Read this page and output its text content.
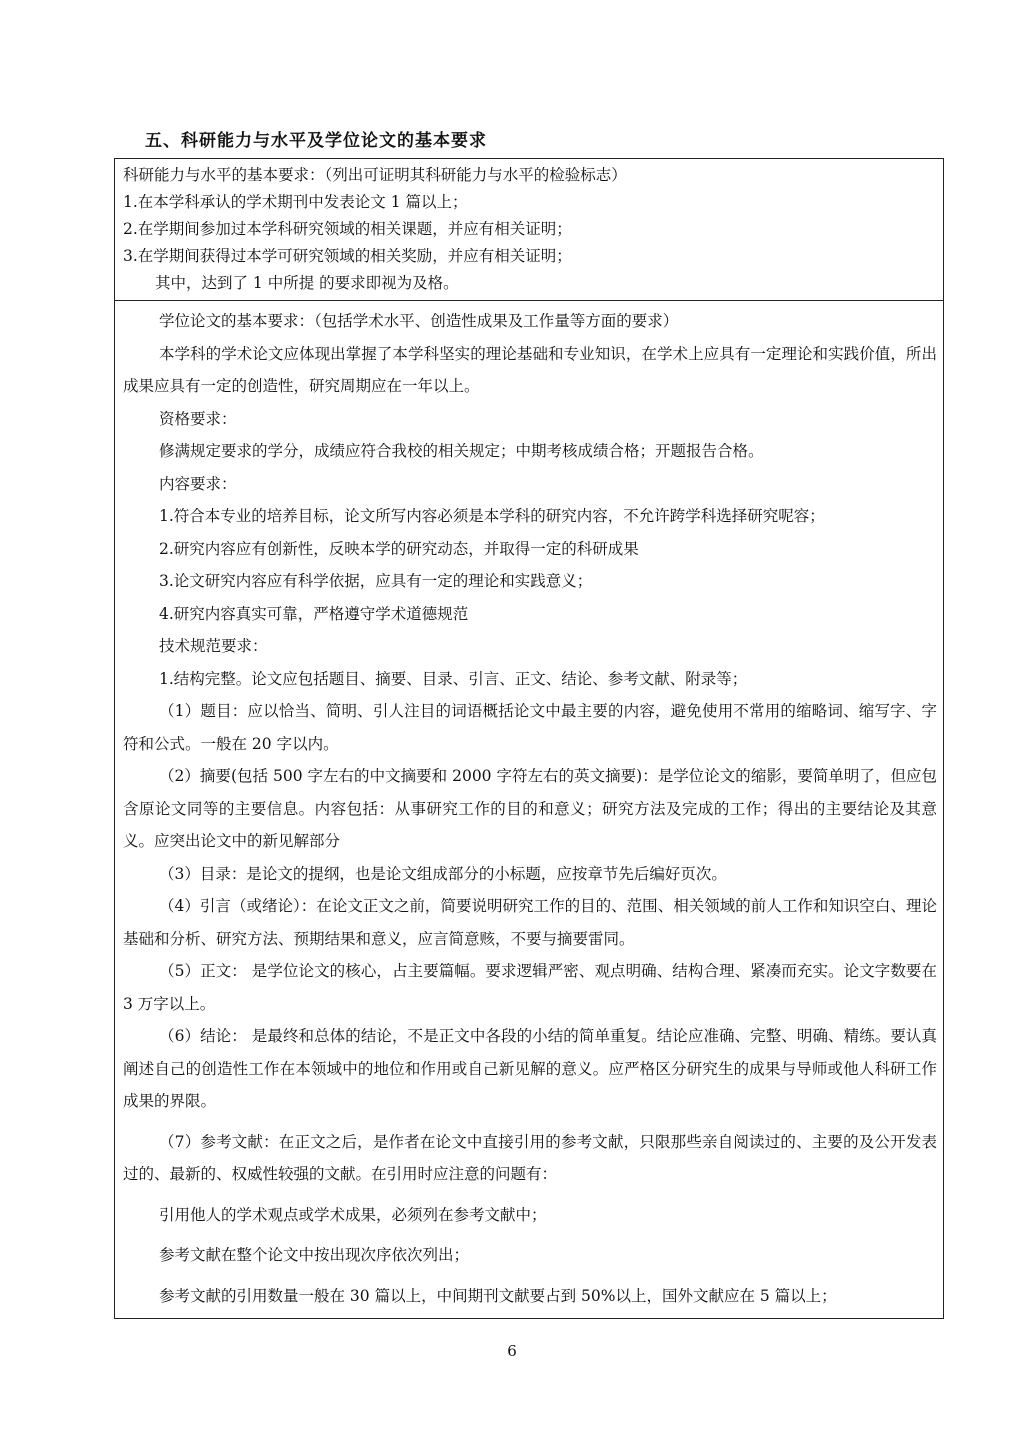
五、科研能力与水平及学位论文的基本要求

科研能力与水平的基本要求：（列出可证明其科研能力与水平的检验标志）

1.在本学科承认的学术期刊中发表论文 1 篇以上；

2.在学期间参加过本学科研究领域的相关课题，并应有相关证明；

3.在学期间获得过本学可研究领域的相关奖励，并应有相关证明；

其中，达到了 1 中所提 的要求即视为及格。

学位论文的基本要求：（包括学术水平、创造性成果及工作量等方面的要求）

本学科的学术论文应体现出掌握了本学科坚实的理论基础和专业知识，在学术上应具有一定理论和实践价值，所出成果应具有一定的创造性，研究周期应在一年以上。

资格要求：

修满规定要求的学分，成绩应符合我校的相关规定；中期考核成绩合格；开题报告合格。

内容要求：

1.符合本专业的培养目标，论文所写内容必须是本学科的研究内容，不允许跨学科选择研究呢容；

2.研究内容应有创新性，反映本学的研究动态，并取得一定的科研成果

3.论文研究内容应有科学依据，应具有一定的理论和实践意义；

4.研究内容真实可靠，严格遵守学术道德规范

技术规范要求：

1.结构完整。论文应包括题目、摘要、目录、引言、正文、结论、参考文献、附录等；

（1）题目：应以恰当、简明、引人注目的词语概括论文中最主要的内容，避免使用不常用的缩略词、缩写字、字符和公式。一般在 20 字以内。

（2）摘要(包括 500 字左右的中文摘要和 2000 字符左右的英文摘要)：是学位论文的缩影，要简单明了，但应包含原论文同等的主要信息。内容包括：从事研究工作的目的和意义；研究方法及完成的工作；得出的主要结论及其意义。应突出论文中的新见解部分

（3）目录：是论文的提纲，也是论文组成部分的小标题，应按章节先后编好页次。

（4）引言（或绪论）：在论文正文之前，简要说明研究工作的目的、范围、相关领域的前人工作和知识空白、理论基础和分析、研究方法、预期结果和意义，应言简意赅，不要与摘要雷同。

（5）正文： 是学位论文的核心，占主要篇幅。要求逻辑严密、观点明确、结构合理、紧凑而充实。论文字数要在 3 万字以上。

（6）结论： 是最终和总体的结论，不是正文中各段的小结的简单重复。结论应准确、完整、明确、精练。要认真阐述自己的创造性工作在本领域中的地位和作用或自己新见解的意义。应严格区分研究生的成果与导师或他人科研工作成果的界限。

（7）参考文献：在正文之后，是作者在论文中直接引用的参考文献，只限那些亲自阅读过的、主要的及公开发表过的、最新的、权威性较强的文献。在引用时应注意的问题有：

引用他人的学术观点或学术成果，必须列在参考文献中；

参考文献在整个论文中按出现次序依次列出；

参考文献的引用数量一般在 30 篇以上，中间期刊文献要占到 50%以上，国外文献应在 5 篇以上；

6
